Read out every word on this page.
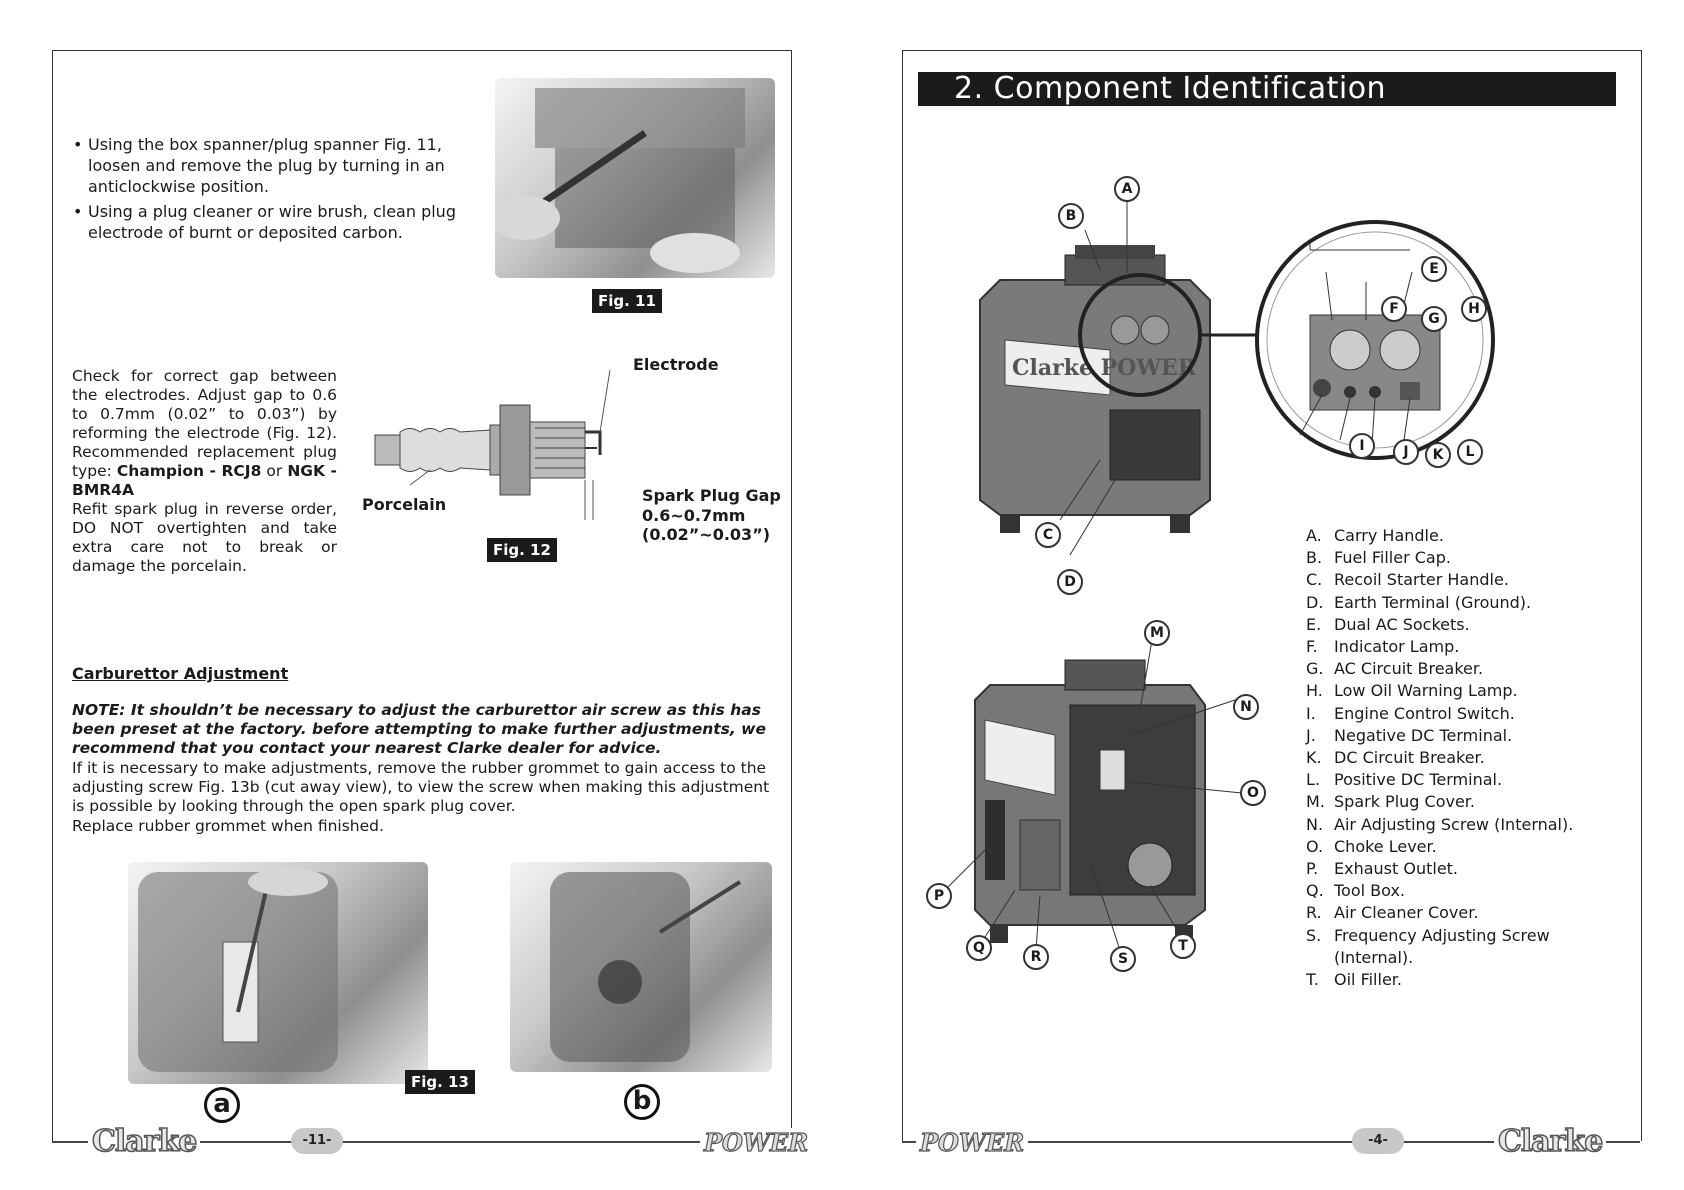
• Using the box spanner/plug spanner Fig. 11, loosen and remove the plug by turning in an anticlockwise position.
• Using a plug cleaner or wire brush, clean plug electrode of burnt or deposited carbon.
Fig. 11
Check for correct gap between the electrodes. Adjust gap to 0.6 to 0.7mm (0.02” to 0.03”) by reforming the electrode (Fig. 12). Recommended replacement plug type: Champion - RCJ8 or NGK - BMR4A
Refit spark plug in reverse order, DO NOT overtighten and take extra care not to break or damage the porcelain.
Electrode
Porcelain	Spark Plug Gap
0.6~0.7mm
(0.02”~0.03”)
Fig. 12
Carburettor Adjustment
NOTE: It shouldn’t be necessary to adjust the carburettor air screw as this has been preset at the factory. before attempting to make further adjustments, we recommend that you contact your nearest Clarke dealer for advice.
If it is necessary to make adjustments, remove the rubber grommet to gain access to the adjusting screw Fig. 13b (cut away view), to view the screw when making this adjustment is possible by looking through the open spark plug cover.
Replace rubber grommet when finished.
Fig. 13
a	b
Clarke	-11-	POWER
2. Component Identification
Clarke POWER
A
B
C
D
E
F
G
H
I	J	K	L
M
N
O
P
Q
R	S
T
A. Carry Handle.
B. Fuel Filler Cap.
C. Recoil Starter Handle.
D. Earth Terminal (Ground).
E. Dual AC Sockets.
F.	Indicator Lamp.
G. AC Circuit Breaker.
H. Low Oil Warning Lamp.
I.	Engine Control Switch.
J.	Negative DC Terminal.
K. DC Circuit Breaker.
L. Positive DC Terminal.
M. Spark Plug Cover.
N. Air Adjusting Screw (Internal).
O. Choke Lever.
P. Exhaust Outlet.
Q. Tool Box.
R. Air Cleaner Cover.
S. Frequency Adjusting Screw (Internal).
T. Oil Filler.
POWER	-4-	Clarke
